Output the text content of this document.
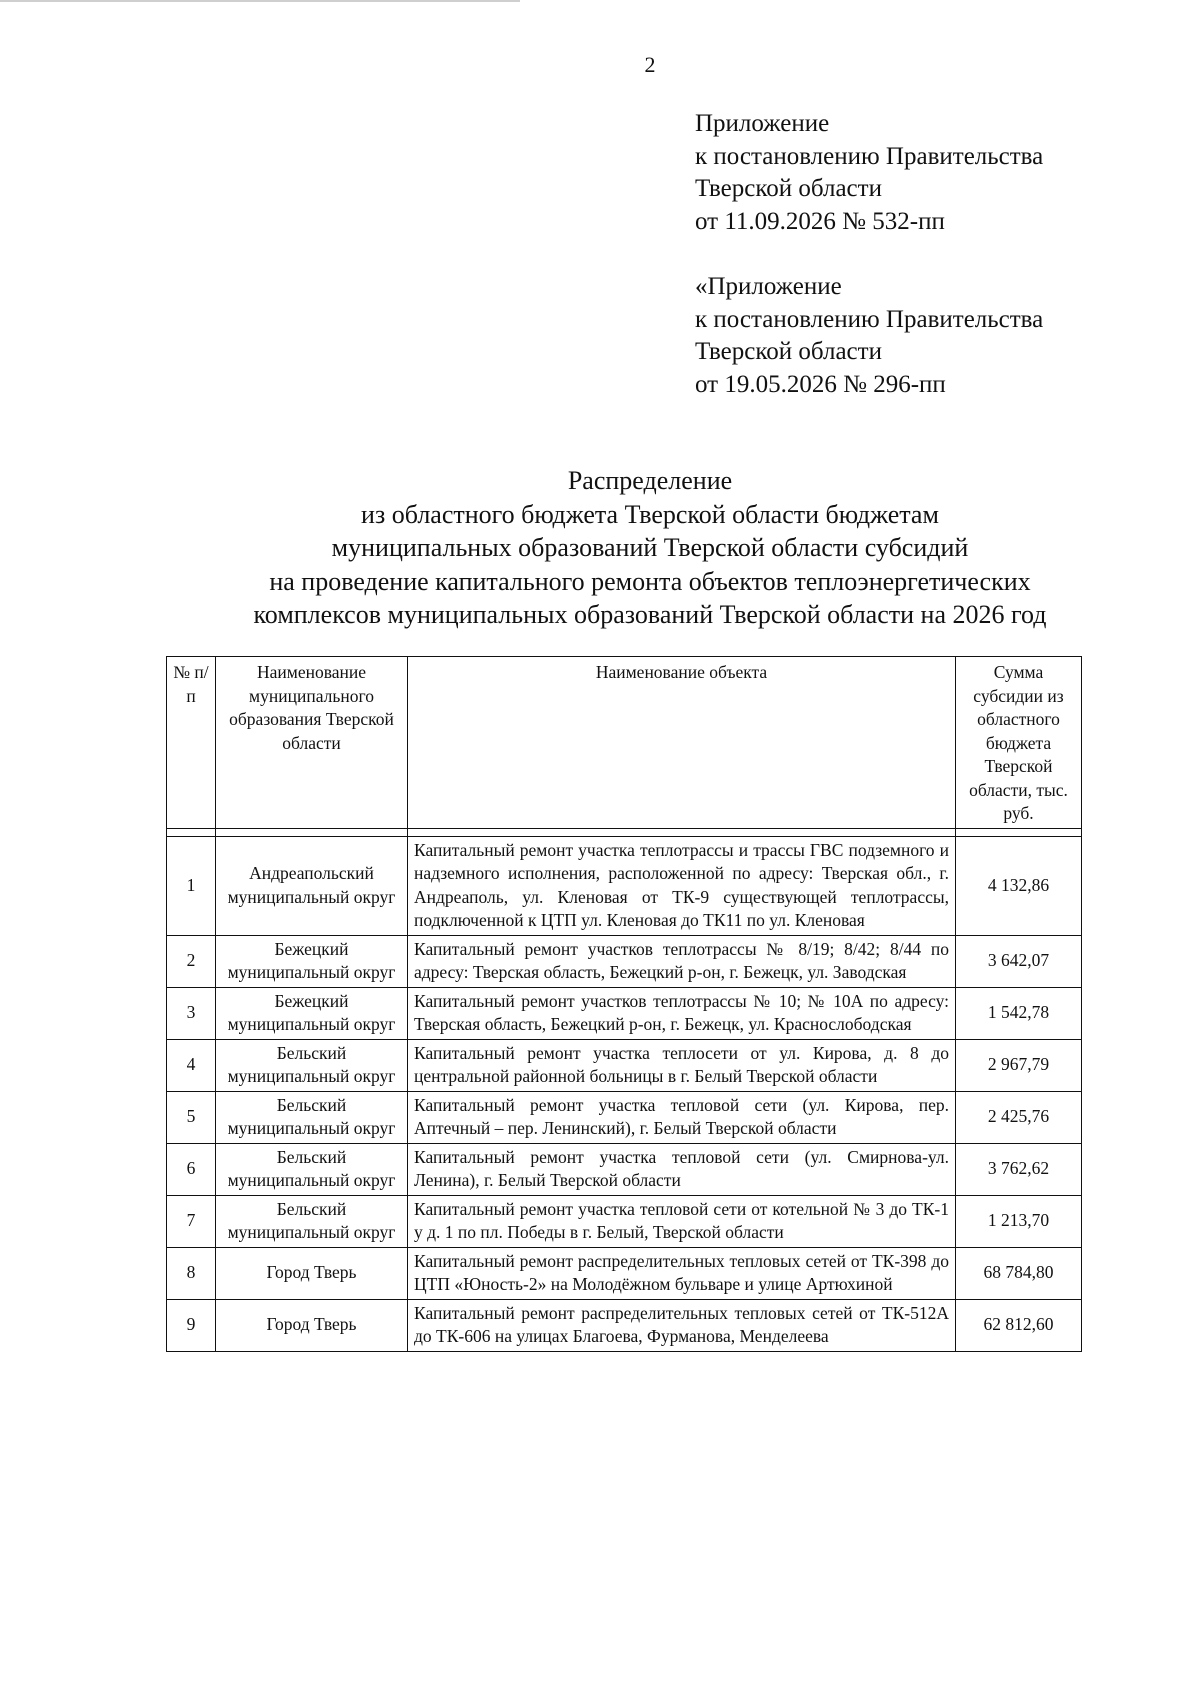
2
Приложение
к постановлению Правительства
Тверской области
от 11.09.2026 № 532-пп
«Приложение
к постановлению Правительства
Тверской области
от 19.05.2026 № 296-пп
Распределение
из областного бюджета Тверской области бюджетам
муниципальных образований Тверской области субсидий
на проведение капитального ремонта объектов теплоэнергетических
комплексов муниципальных образований Тверской области на 2026 год
№ п/п	Наименование муниципального образования Тверской области	Наименование объекта	Сумма субсидии из областного бюджета Тверской области, тыс. руб.

1	Андреапольский муниципальный округ	Капитальный ремонт участка теплотрассы и трассы ГВС подземного и надземного исполнения, расположенной по адресу: Тверская обл., г. Андреаполь, ул. Кленовая от ТК-9 существующей теплотрассы, подключенной к ЦТП ул. Кленовая до ТК11 по ул. Кленовая	4 132,86
2	Бежецкий муниципальный округ	Капитальный ремонт участков теплотрассы № 8/19; 8/42; 8/44 по адресу: Тверская область, Бежецкий р-он, г. Бежецк, ул. Заводская	3 642,07
3	Бежецкий муниципальный округ	Капитальный ремонт участков теплотрассы № 10; № 10А по адресу: Тверская область, Бежецкий р-он, г. Бежецк, ул. Краснослободская	1 542,78
4	Бельский муниципальный округ	Капитальный ремонт участка теплосети от ул. Кирова, д. 8 до центральной районной больницы в г. Белый Тверской области	2 967,79
5	Бельский муниципальный округ	Капитальный ремонт участка тепловой сети (ул. Кирова, пер. Аптечный – пер. Ленинский), г. Белый Тверской области	2 425,76
6	Бельский муниципальный округ	Капитальный ремонт участка тепловой сети (ул. Смирнова-ул. Ленина), г. Белый Тверской области	3 762,62
7	Бельский муниципальный округ	Капитальный ремонт участка тепловой сети от котельной № 3 до ТК-1 у д. 1 по пл. Победы в г. Белый, Тверской области	1 213,70
8	Город Тверь	Капитальный ремонт распределительных тепловых сетей от ТК-398 до ЦТП «Юность-2» на Молодёжном бульваре и улице Артюхиной	68 784,80
9	Город Тверь	Капитальный ремонт распределительных тепловых сетей от ТК-512А до ТК-606 на улицах Благоева, Фурманова, Менделеева	62 812,60
